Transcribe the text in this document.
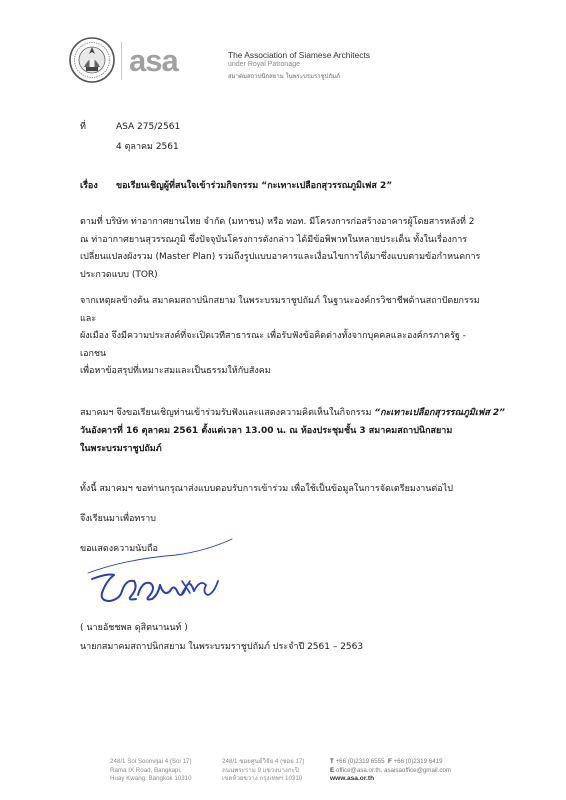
asa	The Association of Siamese Architects
under Royal Patronage
สมาคมสถาปนิกสยาม ในพระบรมราชูปถัมภ์
ที่	ASA 275/2561
4 ตุลาคม 2561
เรื่อง ขอเรียนเชิญผู้ที่สนใจเข้าร่วมกิจกรรม “กะเทาะเปลือกสุวรรณภูมิเฟส 2”
ตามที่ บริษัท ท่าอากาศยานไทย จำกัด (มหาชน) หรือ ทอท. มีโครงการก่อสร้างอาคารผู้โดยสารหลังที่ 2
ณ ท่าอากาศยานสุวรรณภูมิ ซึ่งปัจจุบันโครงการดังกล่าว ได้มีข้อพิพาทในหลายประเด็น ทั้งในเรื่องการ
เปลี่ยนแปลงผังรวม (Master Plan) รวมถึงรูปแบบอาคารและเงื่อนไขการได้มาซึ่งแบบตามข้อกำหนดการ
ประกวดแบบ (TOR)
จากเหตุผลข้างต้น สมาคมสถาปนิกสยาม ในพระบรมราชูปถัมภ์ ในฐานะองค์กรวิชาชีพด้านสถาปัตยกรรมและ
ผังเมือง จึงมีความประสงค์ที่จะเปิดเวทีสาธารณะ เพื่อรับฟังข้อคิดต่างทั้งจากบุคคลและองค์กรภาครัฐ - เอกชน
เพื่อหาข้อสรุปที่เหมาะสมและเป็นธรรมให้กับสังคม
สมาคมฯ จึงขอเรียนเชิญท่านเข้าร่วมรับฟังและแสดงความคิดเห็นในกิจกรรม “กะเทาะเปลือกสุวรรณภูมิเฟส 2”
วันอังคารที่ 16 ตุลาคม 2561 ตั้งแต่เวลา 13.00 น. ณ ห้องประชุมชั้น 3 สมาคมสถาปนิกสยาม
ในพระบรมราชูปถัมภ์
ทั้งนี้ สมาคมฯ ขอท่านกรุณาส่งแบบตอบรับการเข้าร่วม เพื่อใช้เป็นข้อมูลในการจัดเตรียมงานต่อไป
จึงเรียนมาเพื่อทราบ
ขอแสดงความนับถือ
( นายอัชชพล ดุสิตนานนท์ )
นายกสมาคมสถาปนิกสยาม ในพระบรมราชูปถัมภ์ ประจำปี 2561 – 2563
248/1 Soi Soonvijai 4 (Soi 17)
Rama IX Road, Bangkapi,
Huay Kwang, Bangkok 10310
248/1 ซอยศูนย์วิจัย 4 (ซอย 17)
ถนนพระราม 9 แขวงบางกะปิ
เขตห้วยขวาง กรุงเทพฯ 10310
T +66 (0)2319 6555 F +66 (0)2319 6419
E office@asa.or.th, asaisaoffice@gmail.com
www.asa.or.th
